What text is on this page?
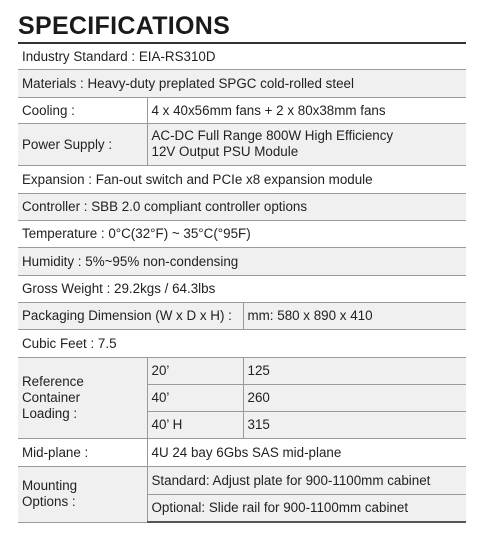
SPECIFICATIONS
Industry Standard : EIA-RS310D		
Materials : Heavy-duty preplated SPGC cold-rolled steel		
Cooling :	4 x 40x56mm fans + 2 x 80x38mm fans	
Power Supply :	AC-DC Full Range 800W High Efficiency
12V Output PSU Module	

Expansion : Fan-out switch and PCIe x8 expansion module		
Controller : SBB 2.0 compliant controller options		
Temperature : 0°C(32°F) ~ 35°C(°95F)		
Humidity : 5%~95% non-condensing		
Gross Weight : 29.2kgs / 64.3lbs		
Packaging Dimension (W x D x H) :		mm: 580 x 890 x 410
Cubic Feet : 7.5		

Reference
Container
Loading :	20’	125
	40’	260
	40’ H	315
Mid-plane :	4U 24 bay 6Gbs SAS mid-plane	

Mounting
Options :	Standard: Adjust plate for 900-1100mm cabinet	
	Optional: Slide rail for 900-1100mm cabinet	
